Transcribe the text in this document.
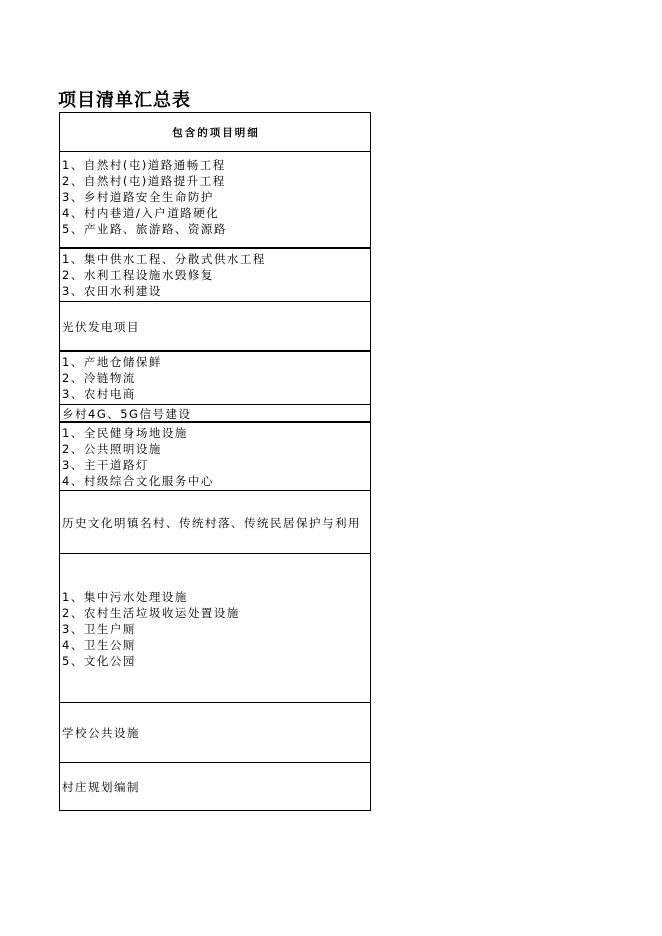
项目清单汇总表
包含的项目明细
1、自然村(屯)道路通畅工程
2、自然村(屯)道路提升工程
3、乡村道路安全生命防护
4、村内巷道/入户道路硬化
5、产业路、旅游路、资源路
1、集中供水工程、分散式供水工程
2、水利工程设施水毁修复
3、农田水利建设
光伏发电项目
1、产地仓储保鲜
2、冷链物流
3、农村电商
乡村4G、5G信号建设
1、全民健身场地设施
2、公共照明设施
3、主干道路灯
4、村级综合文化服务中心
历史文化明镇名村、传统村落、传统民居保护与利用
1、集中污水处理设施
2、农村生活垃圾收运处置设施
3、卫生户厕
4、卫生公厕
5、文化公园
学校公共设施
村庄规划编制
